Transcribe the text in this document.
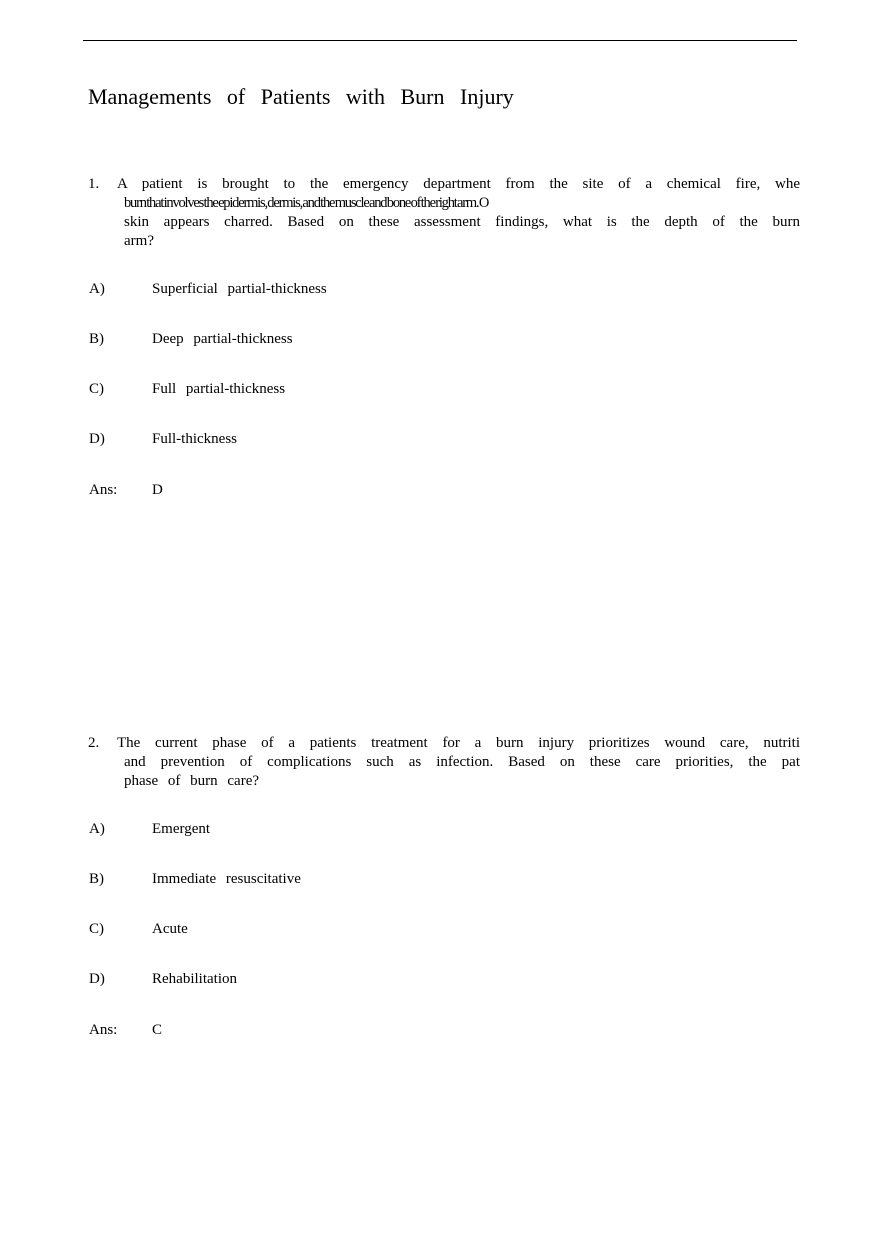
Managements of Patients with Burn Injury
1. A patient is brought to the emergency department from the site of a chemical fire, whe
burn that involves the epidermis, dermis, and the muscle and bone of the right arm. O
skin appears charred. Based on these assessment findings, what is the depth of the burn
arm?
A)	Superficial partial-thickness
B)	Deep partial-thickness
C)	Full partial-thickness
D)	Full-thickness
Ans: D
2. The current phase of a patients treatment for a burn injury prioritizes wound care, nutriti
and prevention of complications such as infection. Based on these care priorities, the pat
phase of burn care?
A)	Emergent
B)	Immediate resuscitative
C)	Acute
D)	Rehabilitation
Ans: C
